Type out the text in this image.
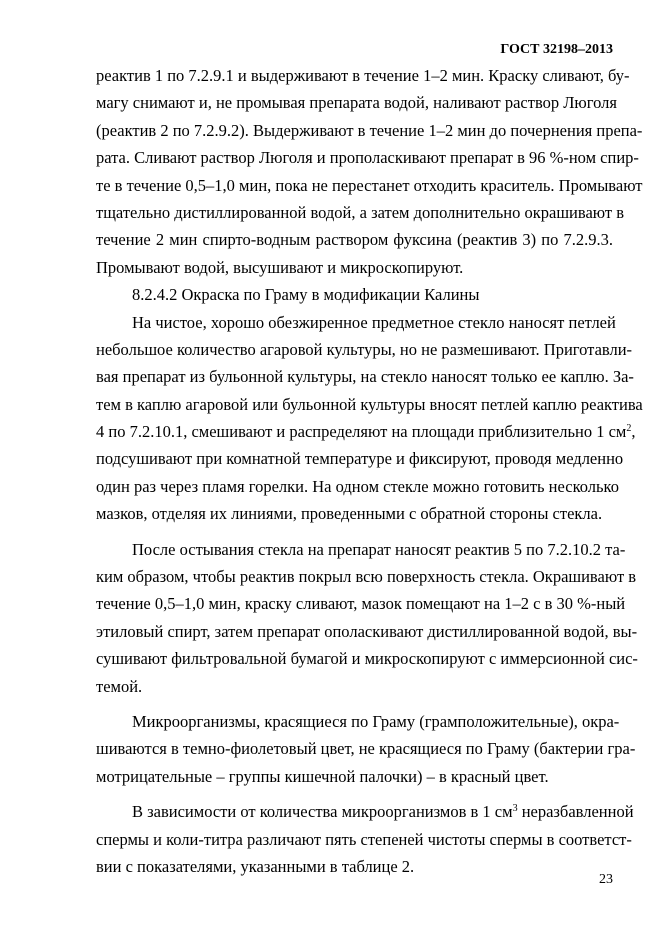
ГОСТ 32198–2013
реактив 1 по 7.2.9.1 и выдерживают в течение 1–2 мин. Краску сливают, бу-
магу снимают и, не промывая препарата водой, наливают раствор Люголя
(реактив 2 по 7.2.9.2). Выдерживают в течение 1–2 мин до почернения препа-
рата. Сливают раствор Люголя и прополаскивают препарат в 96 %-ном спир-
те в течение 0,5–1,0 мин, пока не перестанет отходить краситель. Промывают
тщательно дистиллированной водой, а затем дополнительно окрашивают в
течение 2 мин спирто-водным раствором фуксина (реактив 3) по 7.2.9.3.
Промывают водой, высушивают и микроскопируют.
8.2.4.2 Окраска по Граму в модификации Калины
На чистое, хорошо обезжиренное предметное стекло наносят петлей
небольшое количество агаровой культуры, но не размешивают. Приготавли-
вая препарат из бульонной культуры, на стекло наносят только ее каплю. За-
тем в каплю агаровой или бульонной культуры вносят петлей каплю реактива
4 по 7.2.10.1, смешивают и распределяют на площади приблизительно 1 $см^2$,
подсушивают при комнатной температуре и фиксируют, проводя медленно
один раз через пламя горелки. На одном стекле можно готовить несколько
мазков, отделяя их линиями, проведенными с обратной стороны стекла.
После остывания стекла на препарат наносят реактив 5 по 7.2.10.2 та-
ким образом, чтобы реактив покрыл всю поверхность стекла. Окрашивают в
течение 0,5–1,0 мин, краску сливают, мазок помещают на 1–2 с в 30 %-ный
этиловый спирт, затем препарат ополаскивают дистиллированной водой, вы-
сушивают фильтровальной бумагой и микроскопируют с иммерсионной сис-
темой.
Микроорганизмы, красящиеся по Граму (грамположительные), окра-
шиваются в темно-фиолетовый цвет, не красящиеся по Граму (бактерии гра-
мотрицательные – группы кишечной палочки) – в красный цвет.
В зависимости от количества микроорганизмов в 1 $см^3$ неразбавленной
спермы и коли-титра различают пять степеней чистоты спермы в соответст-
вии с показателями, указанными в таблице 2.
23
